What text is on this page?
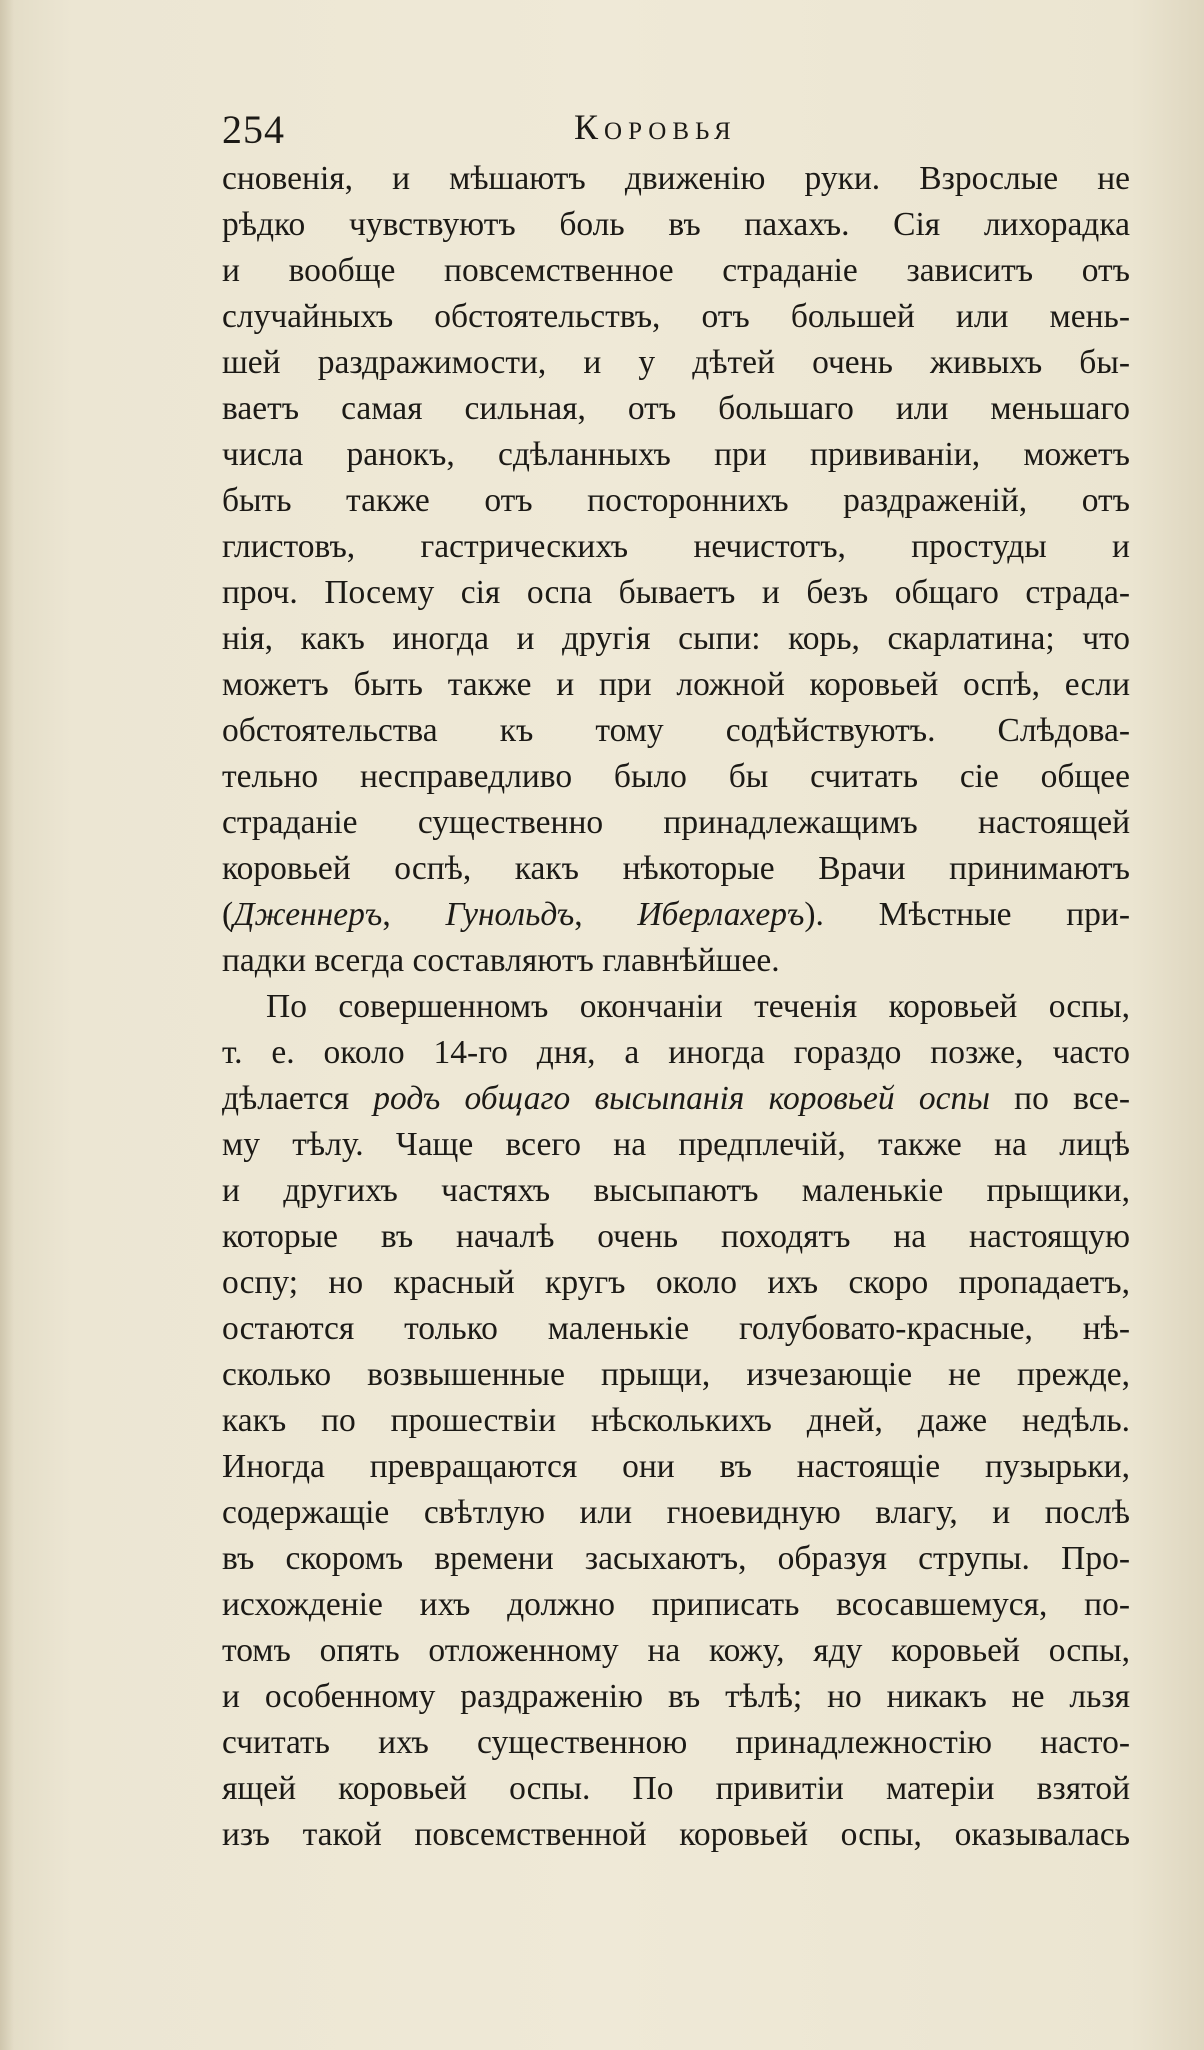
254	Коровья
сновенія, и мѣшаютъ движенію руки. Взрослые не
рѣдко чувствуютъ боль въ пахахъ. Сія лихорадка
и вообще повсемственное страданіе зависитъ отъ
случайныхъ обстоятельствъ, отъ большей или мень-
шей раздражимости, и у дѣтей очень живыхъ бы-
ваетъ самая сильная, отъ большаго или меньшаго
числа ранокъ, сдѣланныхъ при прививаніи, можетъ
быть также отъ постороннихъ раздраженій, отъ
глистовъ, гастрическихъ нечистотъ, простуды и
проч. Посему сія оспа бываетъ и безъ общаго страда-
нія, какъ иногда и другія сыпи: корь, скарлатина; что
можетъ быть также и при ложной коровьей оспѣ, если
обстоятельства къ тому содѣйствуютъ. Слѣдова-
тельно несправедливо было бы считать сіе общее
страданіе существенно принадлежащимъ настоящей
коровьей оспѣ, какъ нѣкоторые Врачи принимаютъ
(Дженнеръ, Гунольдъ, Иберлахеръ). Мѣстные при-
падки всегда составляютъ главнѣйшее.
По совершенномъ окончаніи теченія коровьей оспы,
т. е. около 14-го дня, а иногда гораздо позже, часто
дѣлается родъ общаго высыпанія коровьей оспы по все-
му тѣлу. Чаще всего на предплечій, также на лицѣ
и другихъ частяхъ высыпаютъ маленькіе прыщики,
которые въ началѣ очень походятъ на настоящую
оспу; но красный кругъ около ихъ скоро пропадаетъ,
остаются только маленькіе голубовато-красные, нѣ-
сколько возвышенные прыщи, изчезающіе не прежде,
какъ по прошествіи нѣсколькихъ дней, даже недѣль.
Иногда превращаются они въ настоящіе пузырьки,
содержащіе свѣтлую или гноевидную влагу, и послѣ
въ скоромъ времени засыхаютъ, образуя струпы. Про-
исхожденіе ихъ должно приписать всосавшемуся, по-
томъ опять отложенному на кожу, яду коровьей оспы,
и особенному раздраженію въ тѣлѣ; но никакъ не льзя
считать ихъ существенною принадлежностію насто-
ящей коровьей оспы. По привитіи матеріи взятой
изъ такой повсемственной коровьей оспы, оказывалась
